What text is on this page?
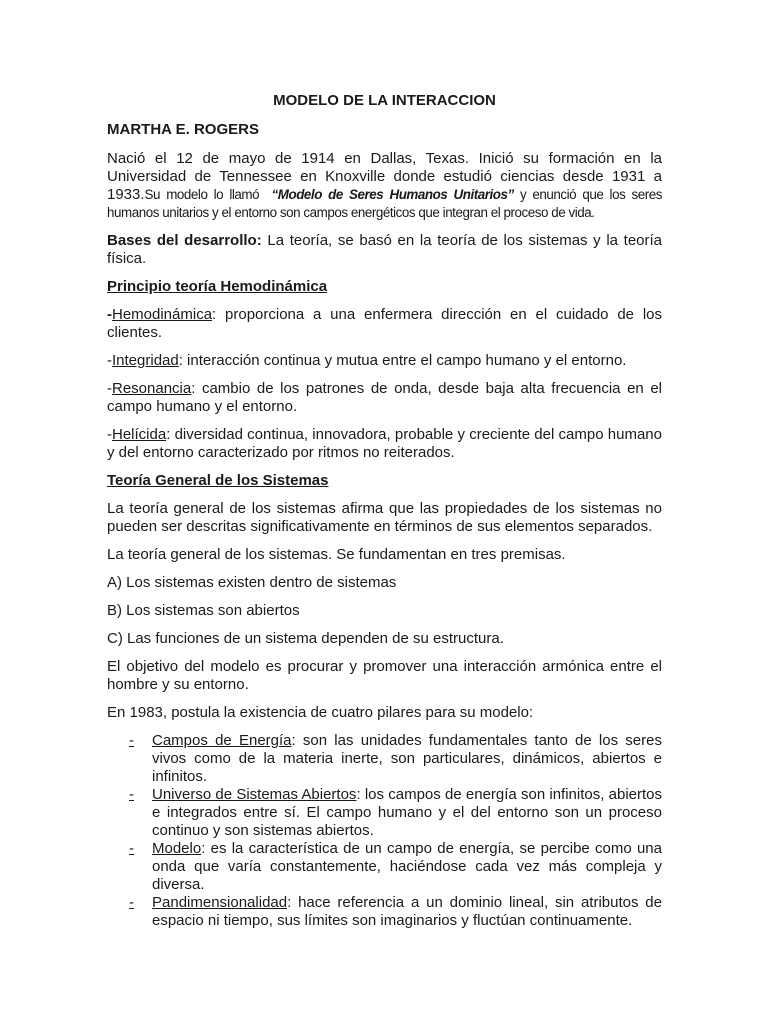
MODELO DE LA INTERACCION

MARTHA E. ROGERS

Nació el 12 de mayo de 1914 en Dallas, Texas. Inició su formación en la Universidad de Tennessee en Knoxville donde estudió ciencias desde 1931 a 1933.Su modelo lo llamó “Modelo de Seres Humanos Unitarios” y enunció que los seres humanos unitarios y el entorno son campos energéticos que integran el proceso de vida.

Bases del desarrollo: La teoría, se basó en la teoría de los sistemas y la teoría física.

Principio teoría Hemodinámica

-Hemodinámica: proporciona a una enfermera dirección en el cuidado de los clientes.

-Integridad: interacción continua y mutua entre el campo humano y el entorno.

-Resonancia: cambio de los patrones de onda, desde baja alta frecuencia en el campo humano y el entorno.

-Helícida: diversidad continua, innovadora, probable y creciente del campo humano y del entorno caracterizado por ritmos no reiterados.

Teoría General de los Sistemas

La teoría general de los sistemas afirma que las propiedades de los sistemas no pueden ser descritas significativamente en términos de sus elementos separados.

La teoría general de los sistemas. Se fundamentan en tres premisas.

A) Los sistemas existen dentro de sistemas

B) Los sistemas son abiertos

C) Las funciones de un sistema dependen de su estructura.

El objetivo del modelo es procurar y promover una interacción armónica entre el hombre y su entorno.

En 1983, postula la existencia de cuatro pilares para su modelo:

- Campos de Energía: son las unidades fundamentales tanto de los seres vivos como de la materia inerte, son particulares, dinámicos, abiertos e infinitos.
- Universo de Sistemas Abiertos: los campos de energía son infinitos, abiertos e integrados entre sí. El campo humano y el del entorno son un proceso continuo y son sistemas abiertos.
- Modelo: es la característica de un campo de energía, se percibe como una onda que varía constantemente, haciéndose cada vez más compleja y diversa.
- Pandimensionalidad: hace referencia a un dominio lineal, sin atributos de espacio ni tiempo, sus límites son imaginarios y fluctúan continuamente.
